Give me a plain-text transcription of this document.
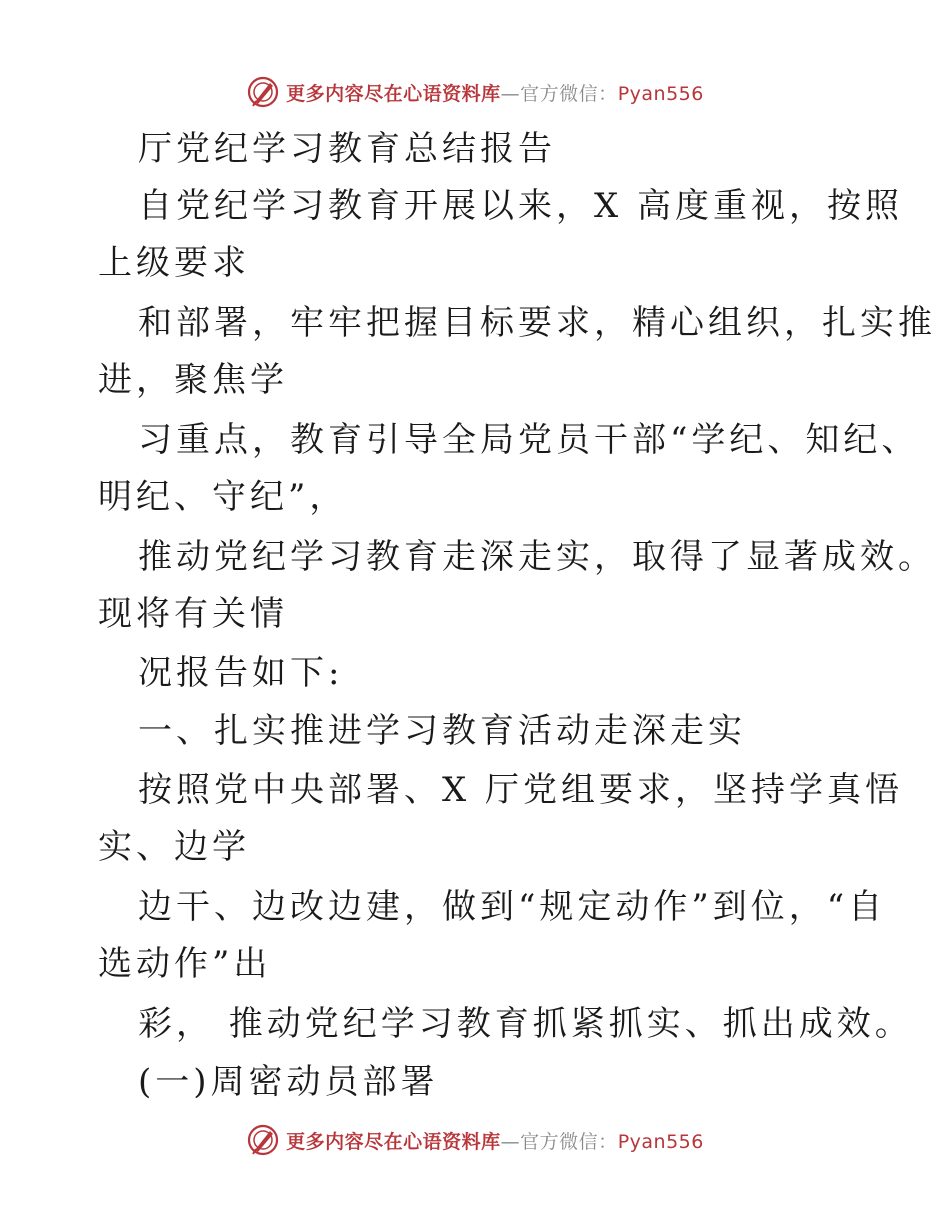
更多内容尽在心语资料库—官方微信：Pyan556
厅党纪学习教育总结报告
自党纪学习教育开展以来，X 高度重视，按照
上级要求
和部署，牢牢把握目标要求，精心组织，扎实推
进，聚焦学
习重点，教育引导全局党员干部“学纪、知纪、
明纪、守纪”，
推动党纪学习教育走深走实，取得了显著成效。
现将有关情
况报告如下:
一、扎实推进学习教育活动走深走实
按照党中央部署、X 厅党组要求，坚持学真悟
实、边学
边干、边改边建，做到“规定动作”到位，“自
选动作”出
彩， 推动党纪学习教育抓紧抓实、抓出成效。
(一)周密动员部署
更多内容尽在心语资料库—官方微信：Pyan556
